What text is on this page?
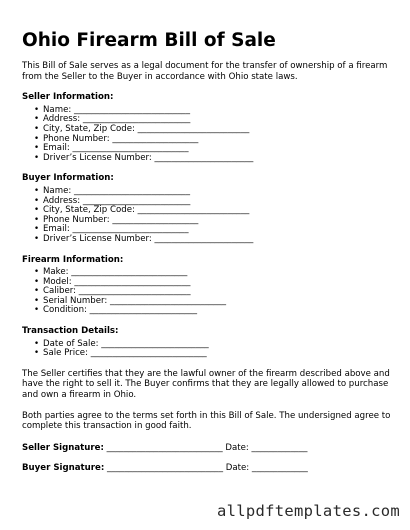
Ohio Firearm Bill of Sale

This Bill of Sale serves as a legal document for the transfer of ownership of a firearm from the Seller to the Buyer in accordance with Ohio state laws.

Seller Information:
• Name: ___________________________
• Address: _________________________
• City, State, Zip Code: __________________________
• Phone Number: ____________________
• Email: ___________________________
• Driver’s License Number: _______________________
Buyer Information:
• Name: ___________________________
• Address: _________________________
• City, State, Zip Code: __________________________
• Phone Number: ____________________
• Email: ___________________________
• Driver’s License Number: _______________________
Firearm Information:
• Make: ___________________________
• Model: ___________________________
• Caliber: __________________________
• Serial Number: ___________________________
• Condition: _________________________
Transaction Details:
• Date of Sale: _________________________
• Sale Price: ___________________________

The Seller certifies that they are the lawful owner of the firearm described above and have the right to sell it. The Buyer confirms that they are legally allowed to purchase and own a firearm in Ohio.

Both parties agree to the terms set forth in this Bill of Sale. The undersigned agree to complete this transaction in good faith.

Seller Signature: ___________________________ Date: _____________
Buyer Signature: ___________________________ Date: _____________
allpdftemplates.com
